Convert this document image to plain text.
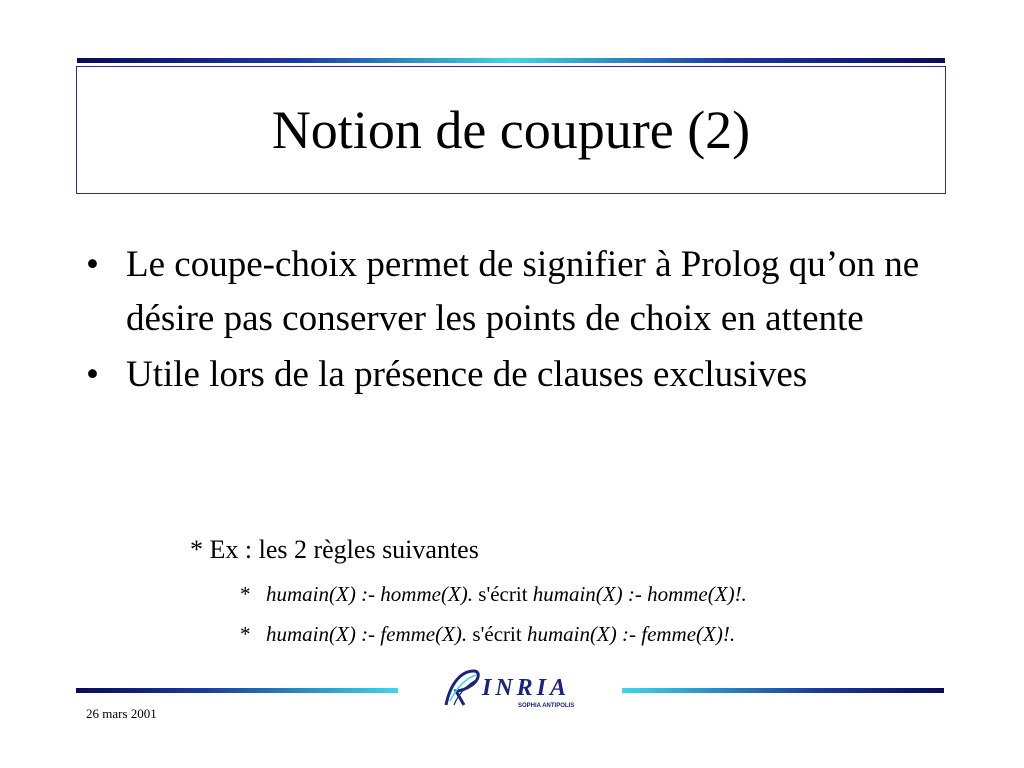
Notion de coupure (2)
• Le coupe-choix permet de signifier à Prolog qu’on ne désire pas conserver les points de choix en attente
• Utile lors de la présence de clauses exclusives
* Ex : les 2 règles suivantes
* humain(X) :- homme(X). s'écrit humain(X) :- homme(X)!.
* humain(X) :- femme(X). s'écrit humain(X) :- femme(X)!.
INRIA
SOPHIA ANTIPOLIS
26 mars 2001
